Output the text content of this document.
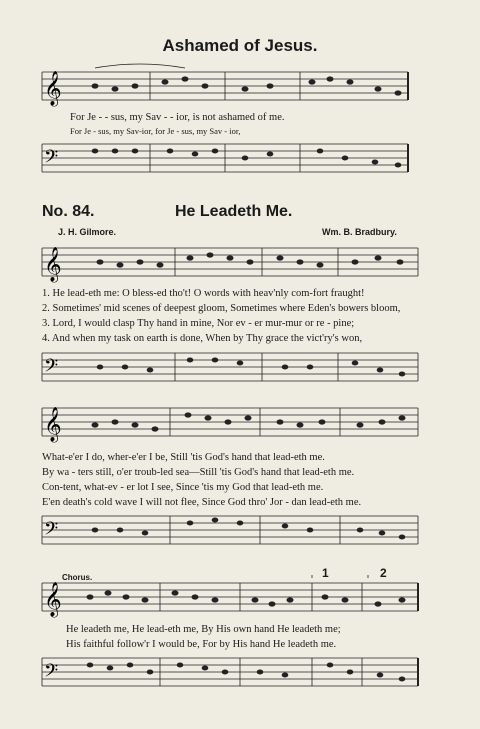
Ashamed of Jesus.
𝄞
For Je - - sus, my Sav - - ior, is not ashamed of me.
For Je - sus, my Sav-ior, for Je - sus, my Sav - ior,
𝄢
No. 84.	He Leadeth Me.
J. H. Gilmore.	Wm. B. Bradbury.
𝄞
1. He lead-eth me: O bless-ed tho't! O words with heav'nly com-fort fraught!
2. Sometimes' mid scenes of deepest gloom, Sometimes where Eden's bowers bloom,
3. Lord, I would clasp Thy hand in mine, Nor ev - er mur-mur or re - pine;
4. And when my task on earth is done, When by Thy grace the vict'ry's won,
𝄢
𝄞
What-e'er I do, wher-e'er I be, Still 'tis God's hand that lead-eth me.
By wa - ters still, o'er troub-led sea—Still 'tis God's hand that lead-eth me.
Con-tent, what-ev - er lot I see, Since 'tis my God that lead-eth me.
E'en death's cold wave I will not flee, Since God thro' Jor - dan lead-eth me.
𝄢
Chorus.	1	2
𝄞
He leadeth me, He lead-eth me, By His own hand He leadeth me;
His faithful follow'r I would be, For by His hand He leadeth me.
𝄢
